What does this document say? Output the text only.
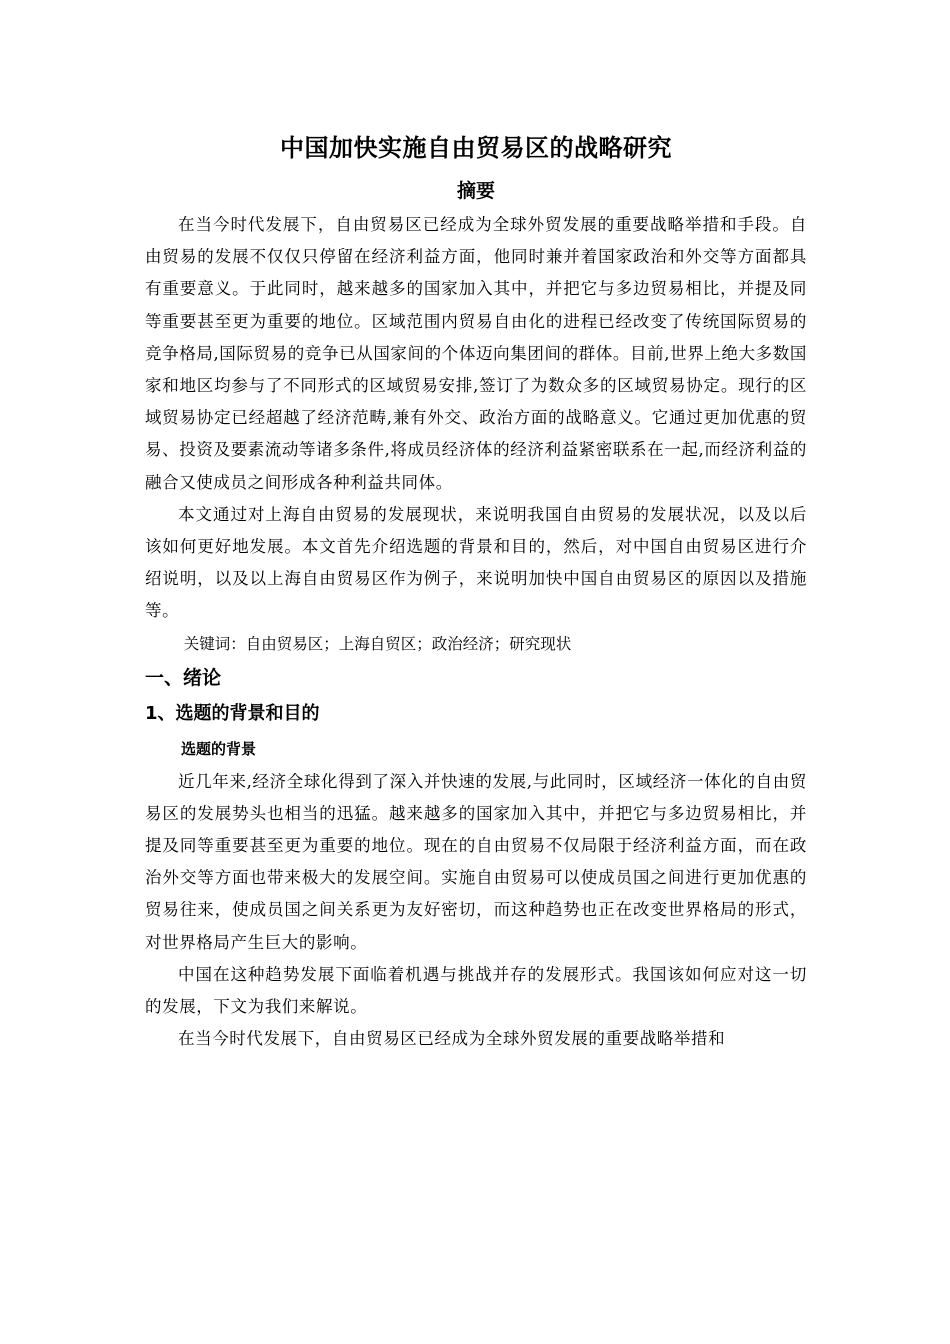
中国加快实施自由贸易区的战略研究
摘要

在当今时代发展下，自由贸易区已经成为全球外贸发展的重要战略举措和手段。自由贸易的发展不仅仅只停留在经济利益方面，他同时兼并着国家政治和外交等方面都具有重要意义。于此同时，越来越多的国家加入其中，并把它与多边贸易相比，并提及同等重要甚至更为重要的地位。区域范围内贸易自由化的进程已经改变了传统国际贸易的竞争格局,国际贸易的竞争已从国家间的个体迈向集团间的群体。目前,世界上绝大多数国家和地区均参与了不同形式的区域贸易安排,签订了为数众多的区域贸易协定。现行的区域贸易协定已经超越了经济范畴,兼有外交、政治方面的战略意义。它通过更加优惠的贸易、投资及要素流动等诸多条件,将成员经济体的经济利益紧密联系在一起,而经济利益的融合又使成员之间形成各种利益共同体。

本文通过对上海自由贸易的发展现状，来说明我国自由贸易的发展状况，以及以后该如何更好地发展。本文首先介绍选题的背景和目的，然后，对中国自由贸易区进行介绍说明，以及以上海自由贸易区作为例子，来说明加快中国自由贸易区的原因以及措施等。

关键词：自由贸易区；上海自贸区；政治经济；研究现状

一、绪论
1、选题的背景和目的
选题的背景

近几年来,经济全球化得到了深入并快速的发展,与此同时，区域经济一体化的自由贸易区的发展势头也相当的迅猛。越来越多的国家加入其中，并把它与多边贸易相比，并提及同等重要甚至更为重要的地位。现在的自由贸易不仅局限于经济利益方面，而在政治外交等方面也带来极大的发展空间。实施自由贸易可以使成员国之间进行更加优惠的贸易往来，使成员国之间关系更为友好密切，而这种趋势也正在改变世界格局的形式，对世界格局产生巨大的影响。

中国在这种趋势发展下面临着机遇与挑战并存的发展形式。我国该如何应对这一切的发展，下文为我们来解说。

在当今时代发展下，自由贸易区已经成为全球外贸发展的重要战略举措和
